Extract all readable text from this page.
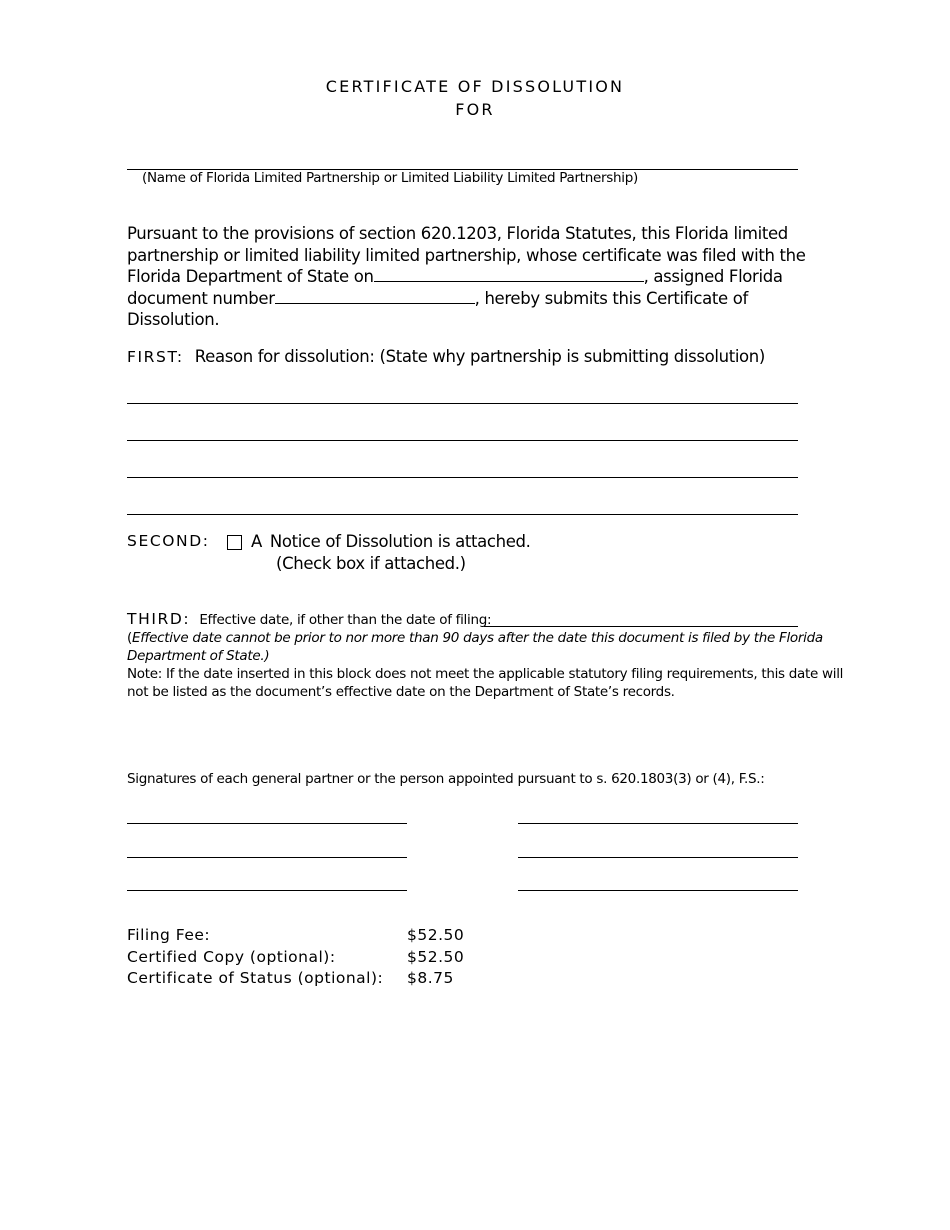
CERTIFICATE OF DISSOLUTION
FOR
(Name of Florida Limited Partnership or Limited Liability Limited Partnership)
Pursuant to the provisions of section 620.1203, Florida Statutes, this Florida limited
partnership or limited liability limited partnership, whose certificate was filed with the
Florida Department of State on	, assigned Florida
document number	, hereby submits this Certificate of
Dissolution.
FIRST: Reason for dissolution: (State why partnership is submitting dissolution)
SECOND:	A Notice of Dissolution is attached.
(Check box if attached.)
THIRD: Effective date, if other than the date of filing:
(Effective date cannot be prior to nor more than 90 days after the date this document is filed by the Florida
Department of State.)
Note: If the date inserted in this block does not meet the applicable statutory filing requirements, this date will
not be listed as the document’s effective date on the Department of State’s records.
Signatures of each general partner or the person appointed pursuant to s. 620.1803(3) or (4), F.S.:
Filing Fee:	$52.50
Certified Copy (optional):	$52.50
Certificate of Status (optional): $8.75
